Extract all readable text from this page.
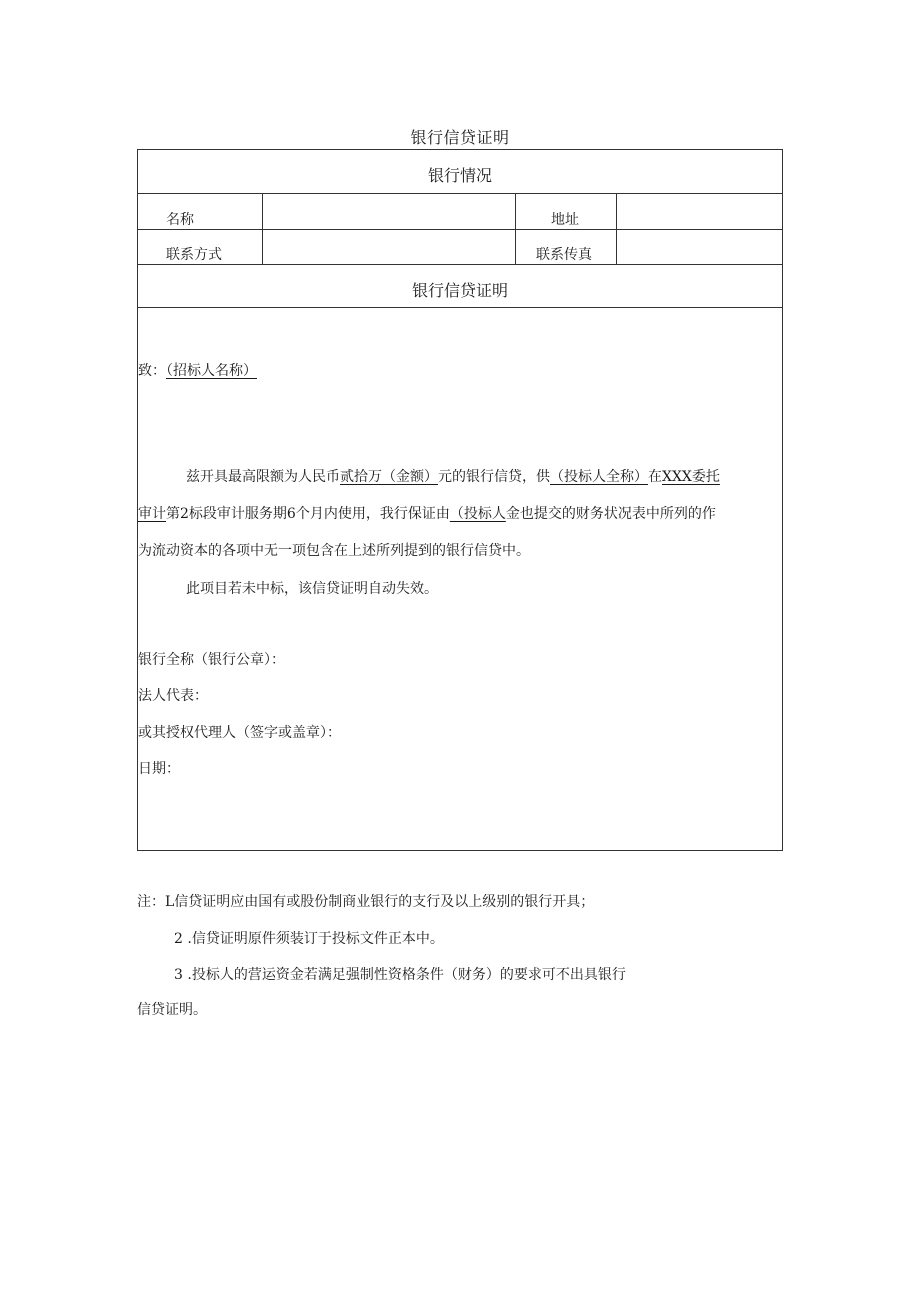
银行信贷证明
银行情况
名称	地址
联系方式	联系传真
银行信贷证明
致：（招标人名称）
兹开具最高限额为人民币贰拾万（金额）元的银行信贷，供（投标人全称）在XXX委托
审计第2标段审计服务期6个月内使用，我行保证由（投标人金也提交的财务状况表中所列的作
为流动资本的各项中无一项包含在上述所列提到的银行信贷中。
此项目若未中标，该信贷证明自动失效。
银行全称（银行公章）：
法人代表：
或其授权代理人（签字或盖章）：
日期：
注：L信贷证明应由国有或股份制商业银行的支行及以上级别的银行开具；
2 .信贷证明原件须装订于投标文件正本中。
3 .投标人的营运资金若满足强制性资格条件（财务）的要求可不出具银行
信贷证明。
